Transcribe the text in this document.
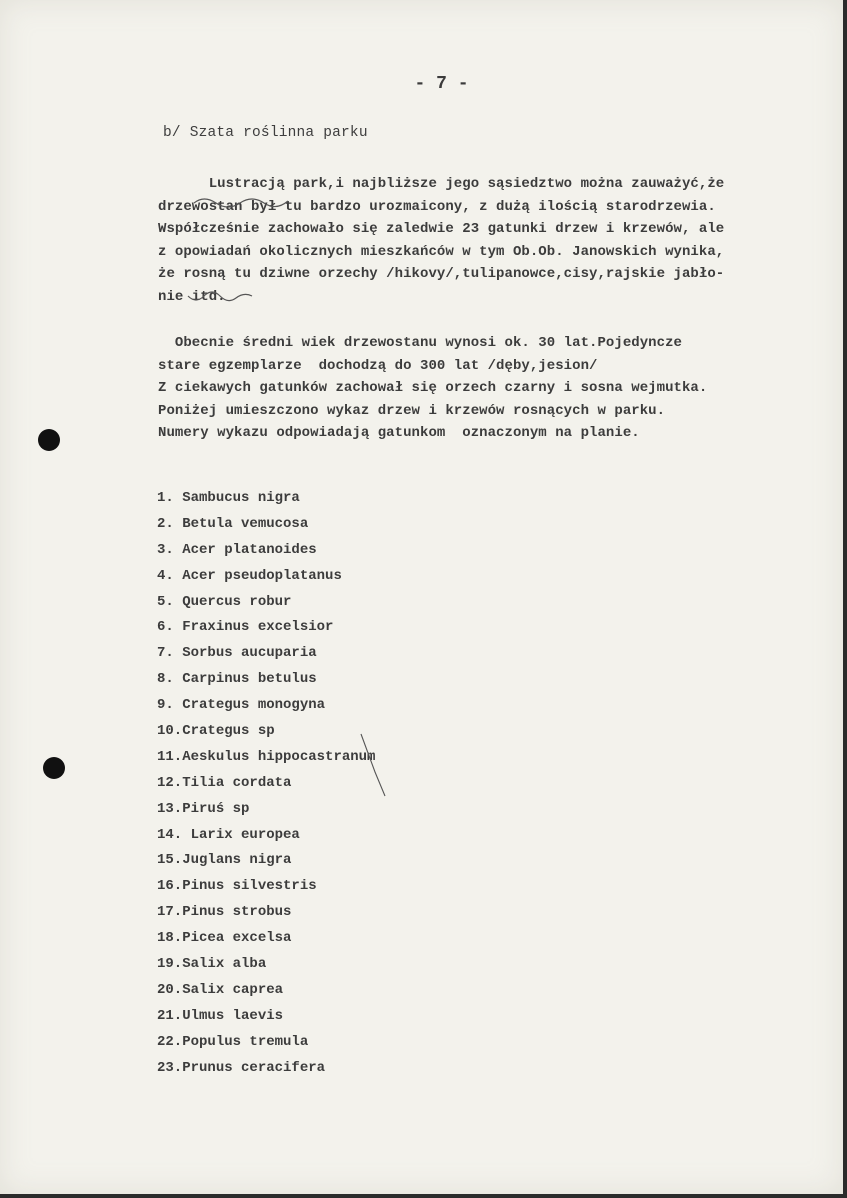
- 7 -
b/ Szata roślinna parku
Lustracją park,i najbliższe jego sąsiedztwo można zauważyć,że
drzewostan był tu bardzo urozmaicony, z dużą ilością starodrzewia.
Współcześnie zachowało się zaledwie 23 gatunki drzew i krzewów, ale
z opowiadań okolicznych mieszkańców w tym Ob.Ob. Janowskich wynika,
że rosną tu dziwne orzechy /hikovy/,tulipanowce,cisy,rajskie jabło-
nie itd.
Obecnie średni wiek drzewostanu wynosi ok. 30 lat.Pojedyncze
stare egzemplarze  dochodzą do 300 lat /dęby,jesion/
Z ciekawych gatunków zachował się orzech czarny i sosna wejmutka.
Poniżej umieszczono wykaz drzew i krzewów rosnących w parku.
Numery wykazu odpowiadają gatunkom  oznaczonym na planie.
1. Sambucus nigra
2. Betula vemucosa
3. Acer platanoides
4. Acer pseudoplatanus
5. Quercus robur
6. Fraxinus excelsior
7. Sorbus aucuparia
8. Carpinus betulus
9. Crategus monogyna
10.Crategus sp
11.Aeskulus hippocastranum
12.Tilia cordata
13.Piruś sp
14. Larix europea
15.Juglans nigra
16.Pinus silvestris
17.Pinus strobus
18.Picea excelsa
19.Salix alba
20.Salix caprea
21.Ulmus laevis
22.Populus tremula
23.Prunus ceracifera
